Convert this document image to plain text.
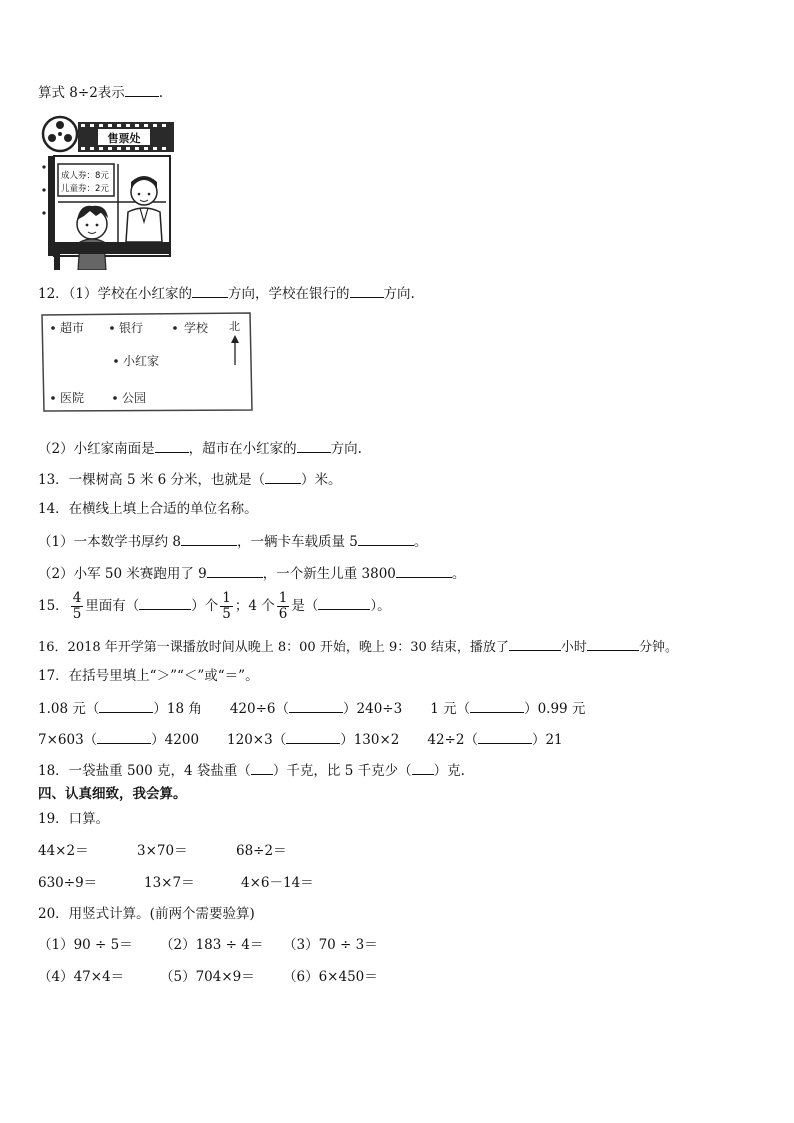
算式 8÷2表示	.
售票处
成人券：8元
儿童券：2元
12．（1）学校在小红家的	方向，学校在银行的	方向.
超市	银行	学校
小红家
医院	公园
北
（2）小红家南面是	，超市在小红家的	方向.
13．一棵树高 5 米 6 分米，也就是（	）米。
14．在横线上填上合适的单位名称。
（1）一本数学书厚约 8	，一辆卡车载质量 5	。
（2）小军 50 米赛跑用了 9	，一个新生儿重 3800	。
15． $\frac{4}{5}$ 里面有（	）个 $\frac{1}{5}$ ；4 个 $\frac{1}{6}$ 是（	）。
16．2018 年开学第一课播放时间从晚上 8：00 开始，晚上 9：30 结束，播放了	小时	分钟。
17．在括号里填上“＞”“＜”或“＝”。
1.08 元（	）18 角 420÷6（	）240÷3 1 元（	）0.99 元
7×603（	）4200 120×3（	）130×2 42÷2（	）21
18．一袋盐重 500 克，4 袋盐重（ ）千克，比 5 千克少（ ）克.
四、认真细致，我会算。
19．口算。
44×2＝	3×70＝	68÷2＝
630÷9＝	13×7＝	4×6－14＝
20．用竖式计算。(前两个需要验算)
（1）90 ÷ 5＝ （2）183 ÷ 4＝ （3）70 ÷ 3＝
（4）47×4＝	（5）704×9＝ （6）6×450＝
